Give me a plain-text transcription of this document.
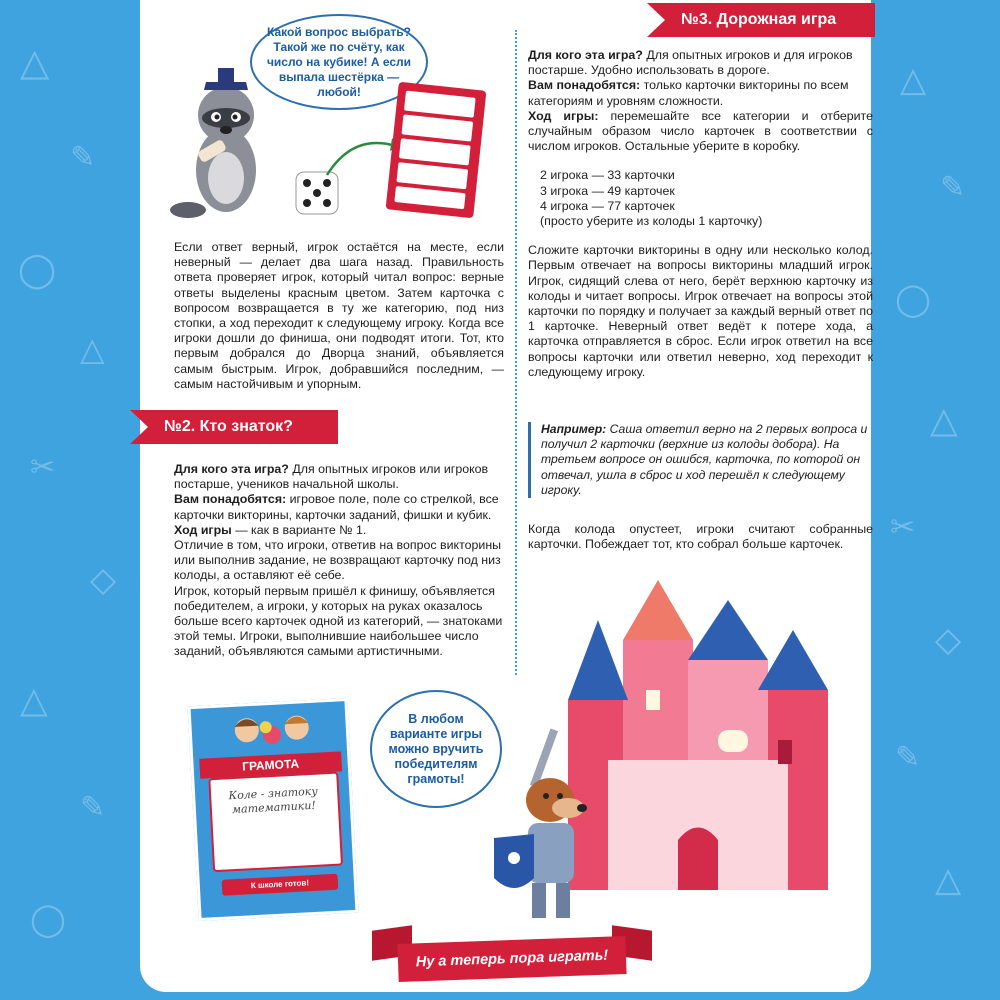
△
✎
◯
△
✂
◇
△
✎
◯
△
✎
◯
△
✂
◇
✎
△
Какой вопрос выбрать? Такой же по счёту, как число на кубике! А если выпала шестёрка — любой!

Если ответ верный, игрок остаётся на месте, если неверный — делает два шага назад. Правильность ответа проверяет игрок, который читал вопрос: верные ответы выделены красным цветом. Затем карточка с вопросом возвращается в ту же категорию, под низ стопки, а ход переходит к следующему игроку. Когда все игроки дошли до финиша, они подводят итоги. Тот, кто первым добрался до Дворца знаний, объявляется самым быстрым. Игрок, добравшийся последним, — самым настойчивым и упорным.

№2. Кто знаток?

Для кого эта игра? Для опытных игроков или игроков постарше, учеников начальной школы.

Вам понадобятся: игровое поле, поле со стрелкой, все карточки викторины, карточки заданий, фишки и кубик.

Ход игры — как в варианте № 1.

Отличие в том, что игроки, ответив на вопрос викторины или выполнив задание, не возвращают карточку под низ колоды, а оставляют её себе.

Игрок, который первым пришёл к финишу, объявляется победителем, а игроки, у которых на руках оказалось больше всего карточек одной из категорий, — знатоками этой темы. Игроки, выполнившие наибольшее число заданий, объявляются самыми артистичными.

№3. Дорожная игра

Для кого эта игра? Для опытных игроков и для игроков постарше. Удобно использовать в дороге.

Вам понадобятся: только карточки викторины по всем категориям и уровням сложности.

Ход игры: перемешайте все категории и отберите случайным образом число карточек в соответствии с числом игроков. Остальные уберите в коробку.

2 игрока — 33 карточки
3 игрока — 49 карточек
4 игрока — 77 карточек
(просто уберите из колоды 1 карточку)

Сложите карточки викторины в одну или несколько колод. Первым отвечает на вопросы викторины младший игрок. Игрок, сидящий слева от него, берёт верхнюю карточку из колоды и читает вопросы. Игрок отвечает на вопросы этой карточки по порядку и получает за каждый верный ответ по 1 карточке. Неверный ответ ведёт к потере хода, а карточка отправляется в сброс. Если игрок ответил на все вопросы карточки или ответил неверно, ход переходит к следующему игроку.

Например: Саша ответил верно на 2 первых вопроса и получил 2 карточки (верхние из колоды добора). На третьем вопросе он ошибся, карточка, по которой он отвечал, ушла в сброс и ход перешёл к следующему игроку.

Когда колода опустеет, игроки считают собранные карточки. Побеждает тот, кто собрал больше карточек.

В любом варианте игры можно вручить победителям грамоты!
ГРАМОТА
Коле - знатоку математики!
К школе готов!
Ну а теперь пора играть!
